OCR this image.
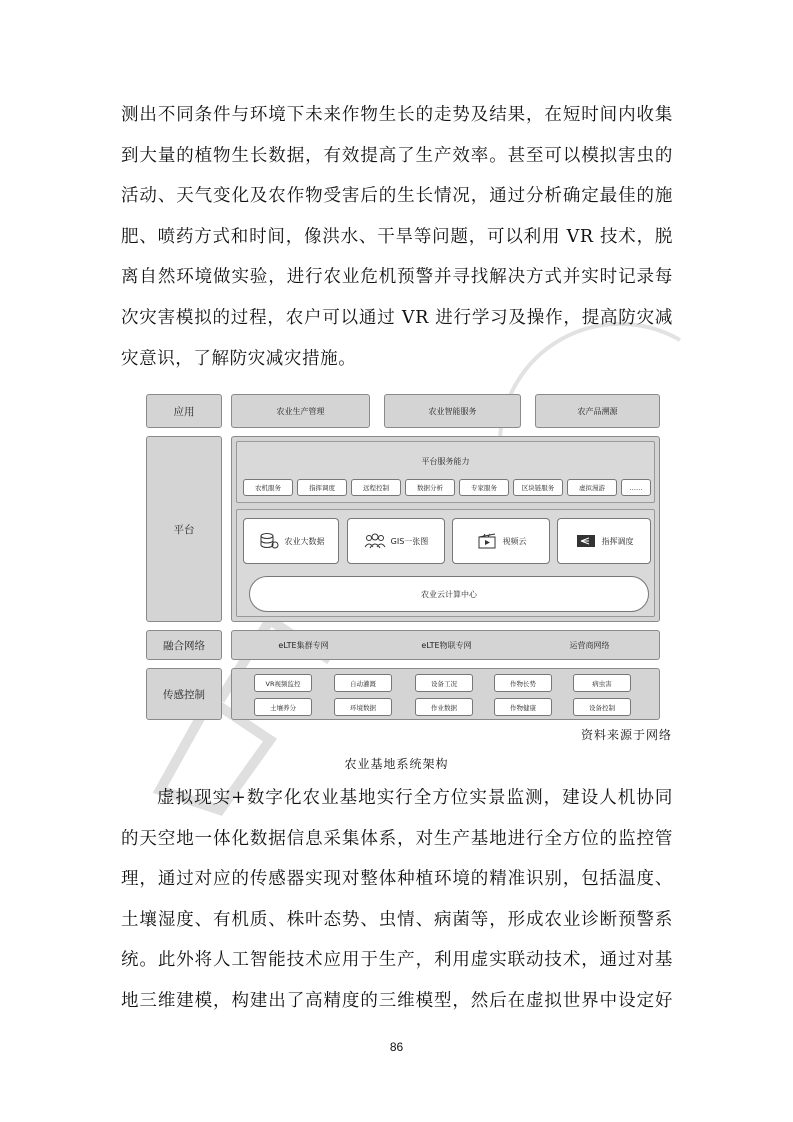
测出不同条件与环境下未来作物生长的走势及结果，在短时间内收集
到大量的植物生长数据，有效提高了生产效率。甚至可以模拟害虫的
活动、天气变化及农作物受害后的生长情况，通过分析确定最佳的施
肥、喷药方式和时间，像洪水、干旱等问题，可以利用 VR 技术，脱
离自然环境做实验，进行农业危机预警并寻找解决方式并实时记录每
次灾害模拟的过程，农户可以通过 VR 进行学习及操作，提高防灾减
灾意识，了解防灾减灾措施。
应用	农业生产管理	农业智能服务	农产品溯源
平台
平台服务能力
农机服务	指挥调度	远程控制	数据分析	专家服务	区块链服务	虚拟漫游	……
农业大数据	GIS一张图	视频云	指挥调度
农业云计算中心
融合网络	eLTE集群专网	eLTE物联专网	运营商网络
传感控制
VR视频监控	自动灌溉	设备工况	作物长势	病虫害
土壤养分	环境数据	作业数据	作物健康	设备控制
资料来源于网络
农业基地系统架构
虚拟现实+数字化农业基地实行全方位实景监测，建设人机协同
的天空地一体化数据信息采集体系，对生产基地进行全方位的监控管
理，通过对应的传感器实现对整体种植环境的精准识别，包括温度、
土壤湿度、有机质、株叶态势、虫情、病菌等，形成农业诊断预警系
统。此外将人工智能技术应用于生产，利用虚实联动技术，通过对基
地三维建模，构建出了高精度的三维模型，然后在虚拟世界中设定好
86
